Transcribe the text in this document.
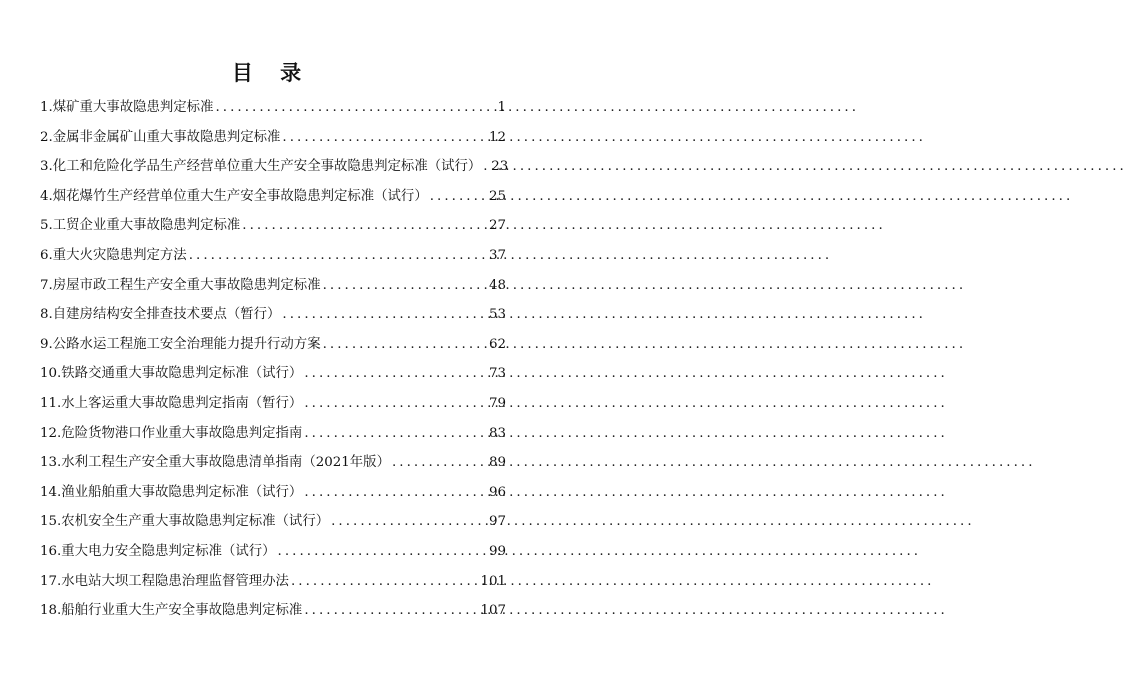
目 录
1.煤矿重大事故隐患判定标准 . . .	1
2.金属非金属矿山重大事故隐患判定标准 . . .	12
3.化工和危险化学品生产经营单位重大生产安全事故隐患判定标准（试行） . . . 23
4.烟花爆竹生产经营单位重大生产安全事故隐患判定标准（试行） . . .	25
5.工贸企业重大事故隐患判定标准 . . .	27
6.重大火灾隐患判定方法 . . .	37
7.房屋市政工程生产安全重大事故隐患判定标准 . . .	48
8.自建房结构安全排查技术要点（暂行） . . .	53
9.公路水运工程施工安全治理能力提升行动方案 . . .	62
10.铁路交通重大事故隐患判定标准（试行） . . .	73
11.水上客运重大事故隐患判定指南（暂行） . . .	79
12.危险货物港口作业重大事故隐患判定指南 . . .	83
13.水利工程生产安全重大事故隐患清单指南（2021年版） . . .	89
14.渔业船舶重大事故隐患判定标准（试行） . . .	96
15.农机安全生产重大事故隐患判定标准（试行） . . .	97
16.重大电力安全隐患判定标准（试行） . . .	99
17.水电站大坝工程隐患治理监督管理办法 . . .	101
18.船舶行业重大生产安全事故隐患判定标准 . . .	107
